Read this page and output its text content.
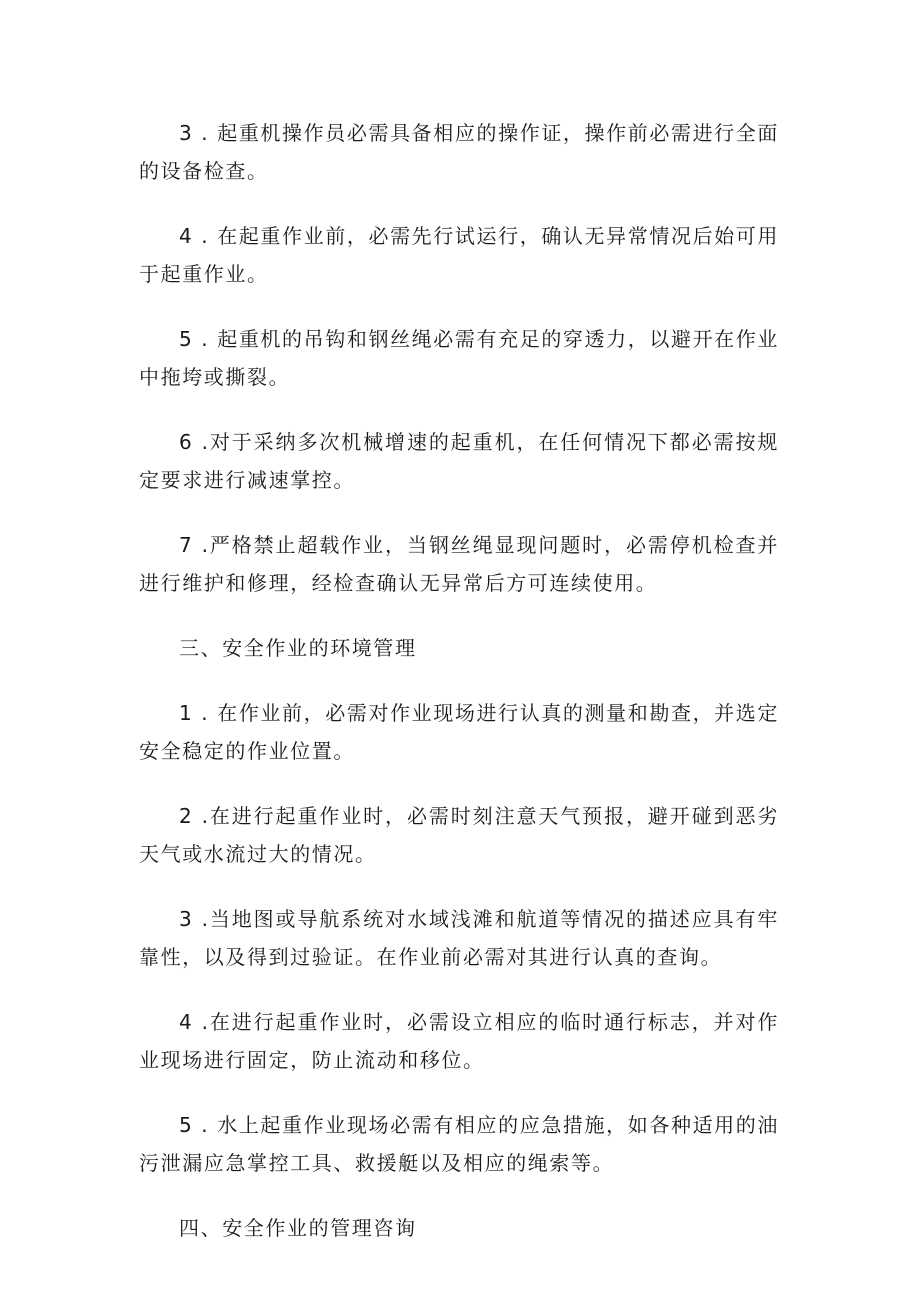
3 . 起重机操作员必需具备相应的操作证，操作前必需进行全面的设备检查。

4 . 在起重作业前，必需先行试运行，确认无异常情况后始可用于起重作业。

5 . 起重机的吊钩和钢丝绳必需有充足的穿透力，以避开在作业中拖垮或撕裂。

6 .对于采纳多次机械增速的起重机，在任何情况下都必需按规定要求进行减速掌控。

7 .严格禁止超载作业，当钢丝绳显现问题时，必需停机检查并进行维护和修理，经检查确认无异常后方可连续使用。

三、安全作业的环境管理

1 . 在作业前，必需对作业现场进行认真的测量和勘查，并选定安全稳定的作业位置。

2 .在进行起重作业时，必需时刻注意天气预报，避开碰到恶劣天气或水流过大的情况。

3 .当地图或导航系统对水域浅滩和航道等情况的描述应具有牢靠性，以及得到过验证。在作业前必需对其进行认真的查询。

4 .在进行起重作业时，必需设立相应的临时通行标志，并对作业现场进行固定，防止流动和移位。

5 . 水上起重作业现场必需有相应的应急措施，如各种适用的油污泄漏应急掌控工具、救援艇以及相应的绳索等。

四、安全作业的管理咨询
